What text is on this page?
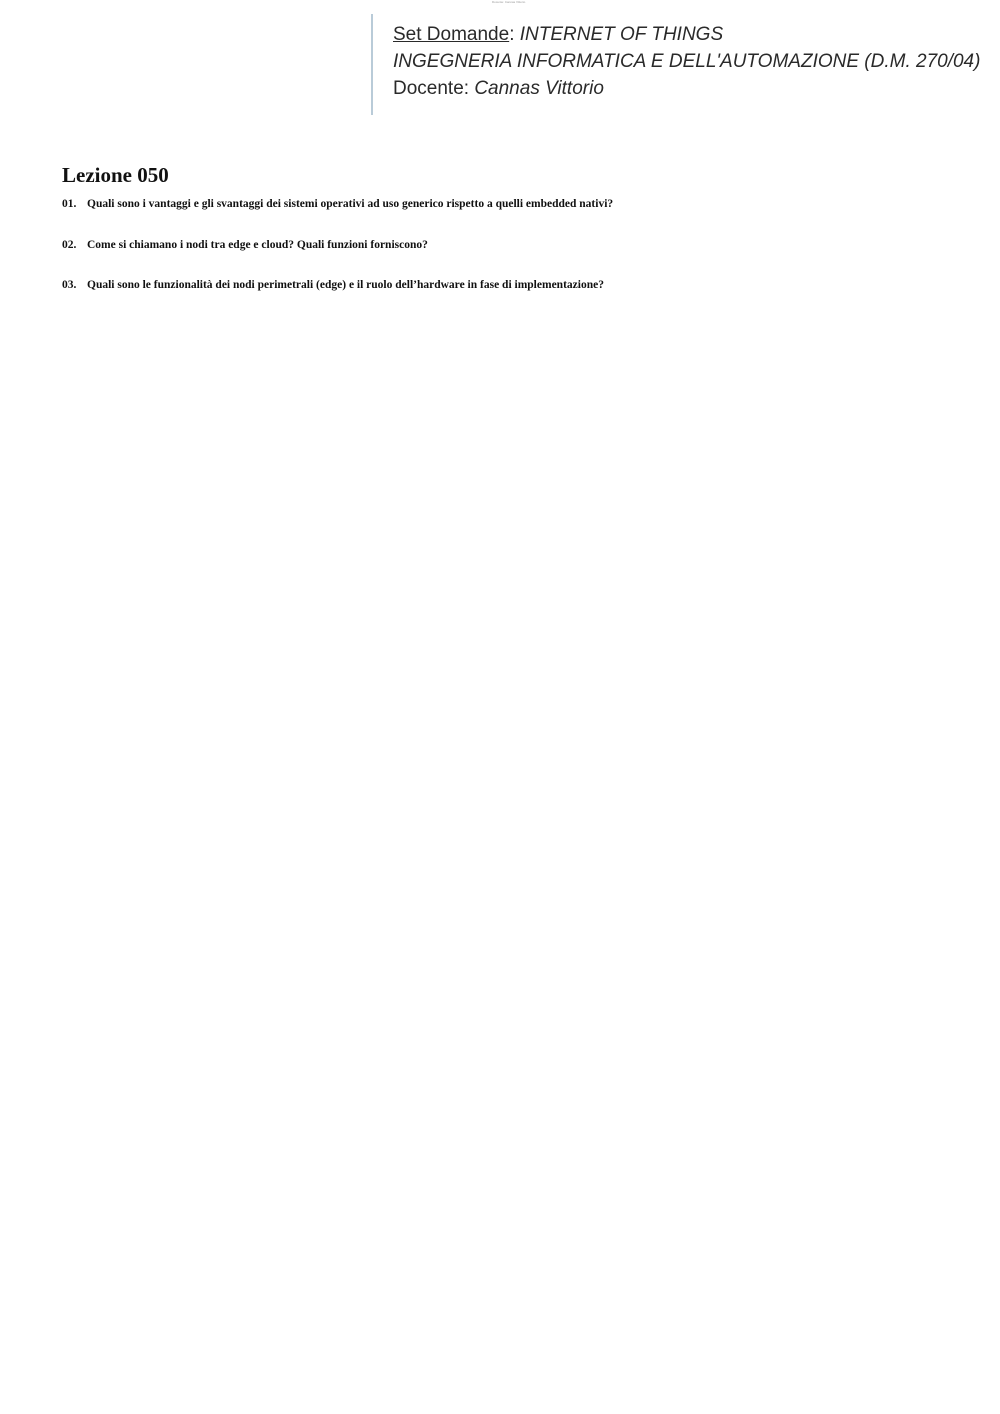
Docente: Cannas Vittorio
Set Domande: INTERNET OF THINGS
INGEGNERIA INFORMATICA E DELL'AUTOMAZIONE (D.M. 270/04)
Docente: Cannas Vittorio
Lezione 050
01. Quali sono i vantaggi e gli svantaggi dei sistemi operativi ad uso generico rispetto a quelli embedded nativi?
02. Come si chiamano i nodi tra edge e cloud? Quali funzioni forniscono?
03. Quali sono le funzionalità dei nodi perimetrali (edge) e il ruolo dell’hardware in fase di implementazione?
